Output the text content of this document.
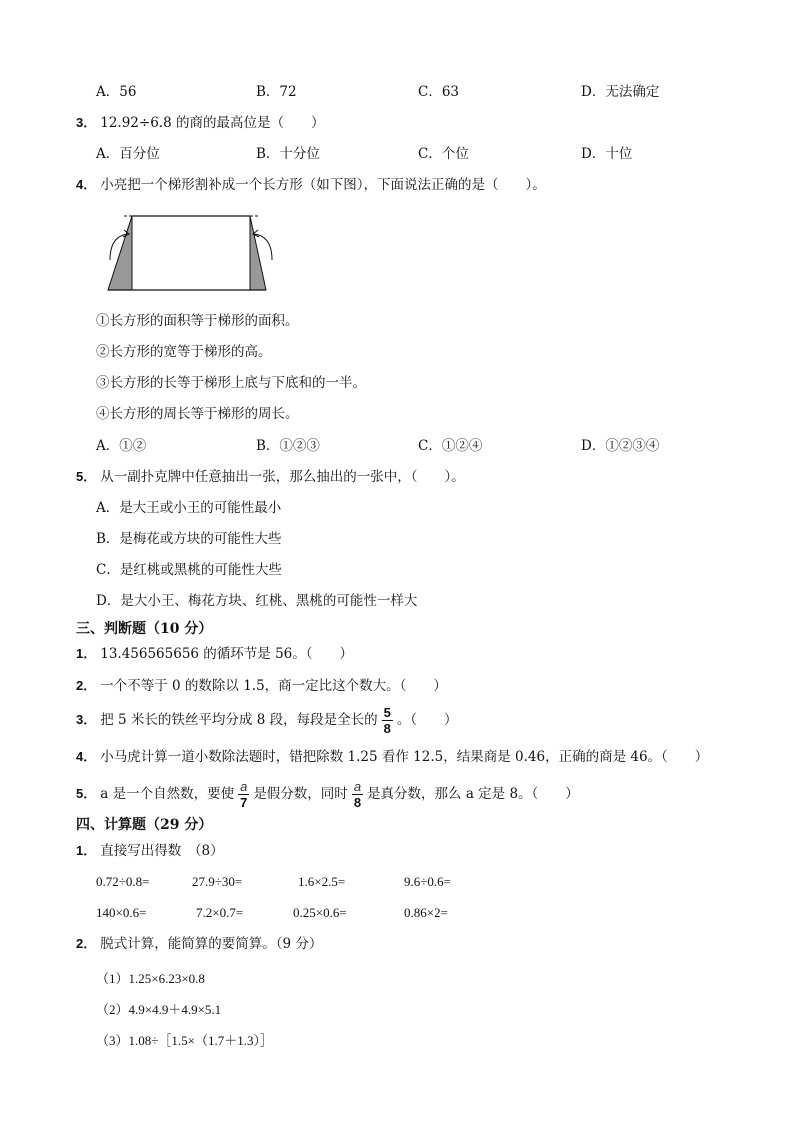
A．56	B．72	C．63	D．无法确定
3． 12.92÷6.8 的商的最高位是（　　）
A．百分位	B．十分位	C．个位	D．十位
4． 小亮把一个梯形割补成一个长方形（如下图），下面说法正确的是（　　）。
①长方形的面积等于梯形的面积。
②长方形的宽等于梯形的高。
③长方形的长等于梯形上底与下底和的一半。
④长方形的周长等于梯形的周长。
A．①②	B．①②③	C．①②④	D．①②③④
5． 从一副扑克牌中任意抽出一张，那么抽出的一张中，（　　）。
A．是大王或小王的可能性最小
B．是梅花或方块的可能性大些
C．是红桃或黑桃的可能性大些
D．是大小王、梅花方块、红桃、黑桃的可能性一样大
三、判断题（10 分）
1． 13.456565656 的循环节是 56。（　　）
2． 一个不等于 0 的数除以 1.5，商一定比这个数大。（　　）
3． 把 5 米长的铁丝平均分成 8 段，每段是全长的 $\frac{5}{8}$ 。（　　）
4． 小马虎计算一道小数除法题时，错把除数 1.25 看作 12.5，结果商是 0.46，正确的商是 46。（　　）
5． a 是一个自然数，要使 $\frac{a}{7}$ 是假分数，同时 $\frac{a}{8}$ 是真分数，那么 a 定是 8。（　　）
四、计算题（29 分）
1． 直接写出得数　（8）
0.72÷0.8=	27.9÷30=	1.6×2.5=	9.6÷0.6=
140×0.6=	7.2×0.7=	0.25×0.6=	0.86×2=
2． 脱式计算，能简算的要简算。（9 分）
（1）1.25×6.23×0.8
（2）4.9×4.9＋4.9×5.1
（3）1.08÷［1.5×（1.7＋1.3）］
